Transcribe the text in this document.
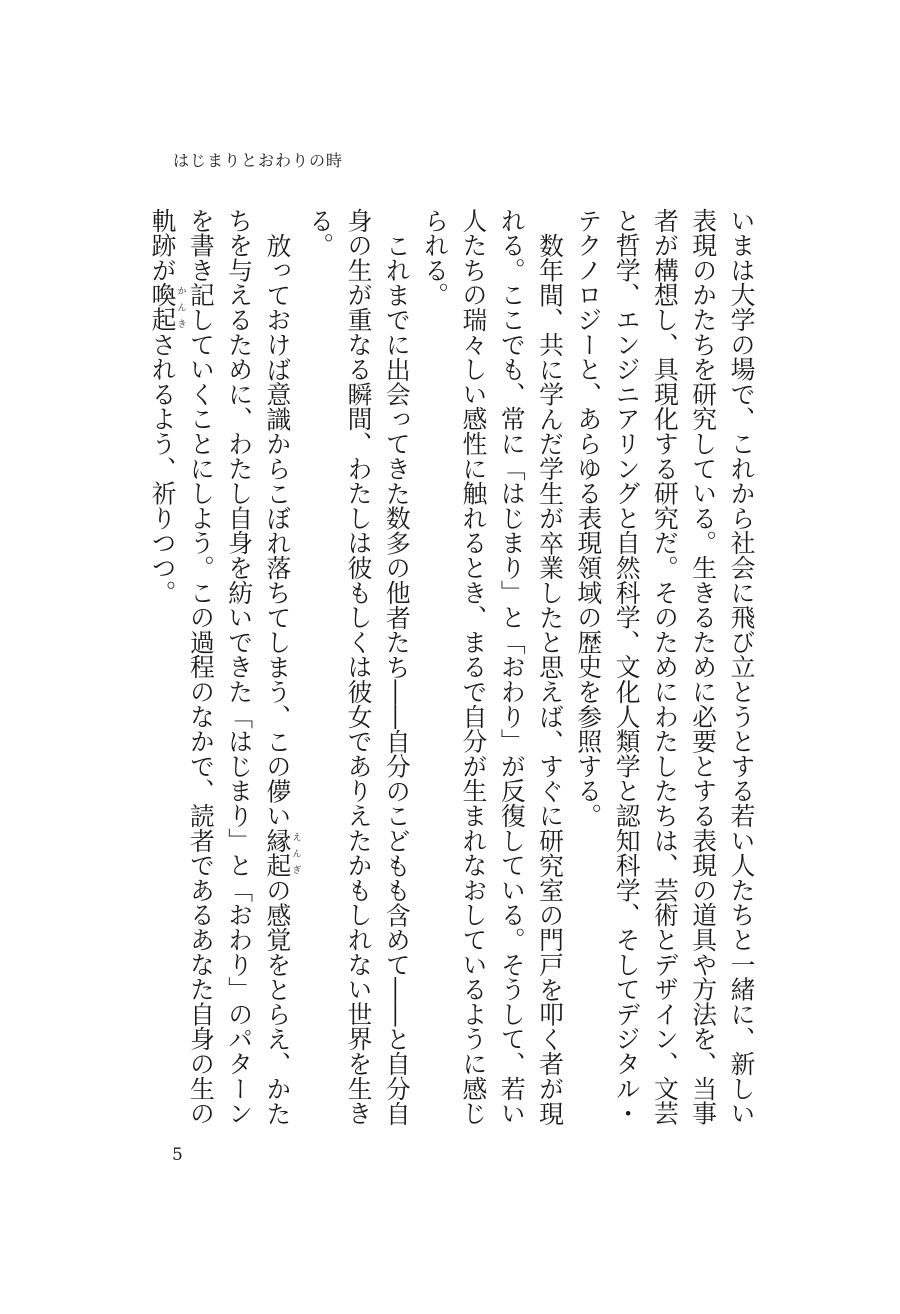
はじまりとおわりの時

いまは大学の場で、これから社会に飛び立とうとする若い人たちと一緒に、新しい表現のかたちを研究している。生きるために必要とする表現の道具や方法を、当事者が構想し、具現化する研究だ。そのためにわたしたちは、芸術とデザイン、文芸と哲学、エンジニアリングと自然科学、文化人類学と認知科学、そしてデジタル・テクノロジーと、あらゆる表現領域の歴史を参照する。

数年間、共に学んだ学生が卒業したと思えば、すぐに研究室の門戸を叩く者が現れる。ここでも、常に「はじまり」と「おわり」が反復している。そうして、若い人たちの瑞々しい感性に触れるとき、まるで自分が生まれなおしているように感じられる。

これまでに出会ってきた数多の他者たち――自分のこどもも含めて――と自分自身の生が重なる瞬間、わたしは彼もしくは彼女でありえたかもしれない世界を生きる。

放っておけば意識からこぼれ落ちてしまう、この儚い縁起えんぎの感覚をとらえ、かたちを与えるために、わたし自身を紡いできた「はじまり」と「おわり」のパターンを書き記していくことにしよう。この過程のなかで、読者であるあなた自身の生の軌跡が喚起かんきされるよう、祈りつつ。

5
